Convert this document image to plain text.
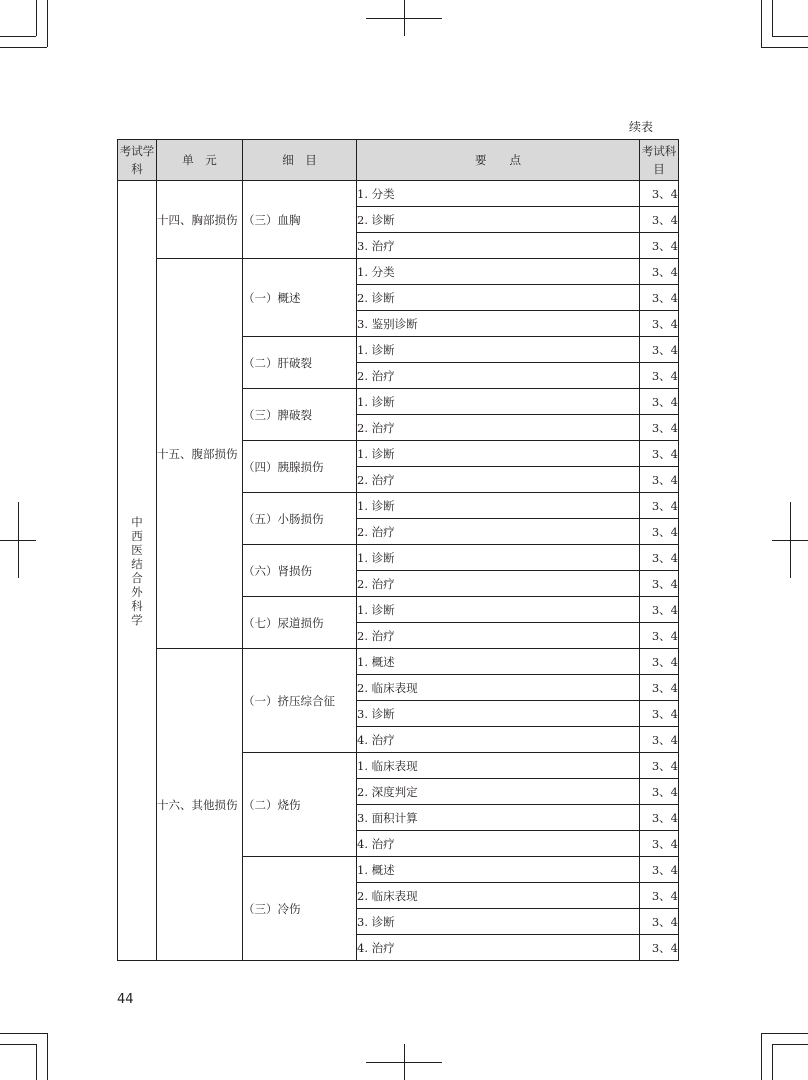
续表
考试学科	单　元	细　目	要　　点	考试科目
中西医结合外科学	十四、胸部损伤	（三）血胸	1. 分类	3、4
			2. 诊断	3、4
			3. 治疗	3、4
	十五、腹部损伤	（一）概述	1. 分类	3、4
			2. 诊断	3、4
			3. 鉴别诊断	3、4
		（二）肝破裂	1. 诊断	3、4
			2. 治疗	3、4
		（三）脾破裂	1. 诊断	3、4
			2. 治疗	3、4
		（四）胰腺损伤	1. 诊断	3、4
			2. 治疗	3、4
		（五）小肠损伤	1. 诊断	3、4
			2. 治疗	3、4
		（六）肾损伤	1. 诊断	3、4
			2. 治疗	3、4
		（七）尿道损伤	1. 诊断	3、4
			2. 治疗	3、4
	十六、其他损伤	（一）挤压综合征	1. 概述	3、4
			2. 临床表现	3、4
			3. 诊断	3、4
			4. 治疗	3、4
		（二）烧伤	1. 临床表现	3、4
			2. 深度判定	3、4
			3. 面积计算	3、4
			4. 治疗	3、4
		（三）冷伤	1. 概述	3、4
			2. 临床表现	3、4
			3. 诊断	3、4
			4. 治疗	3、4
44
